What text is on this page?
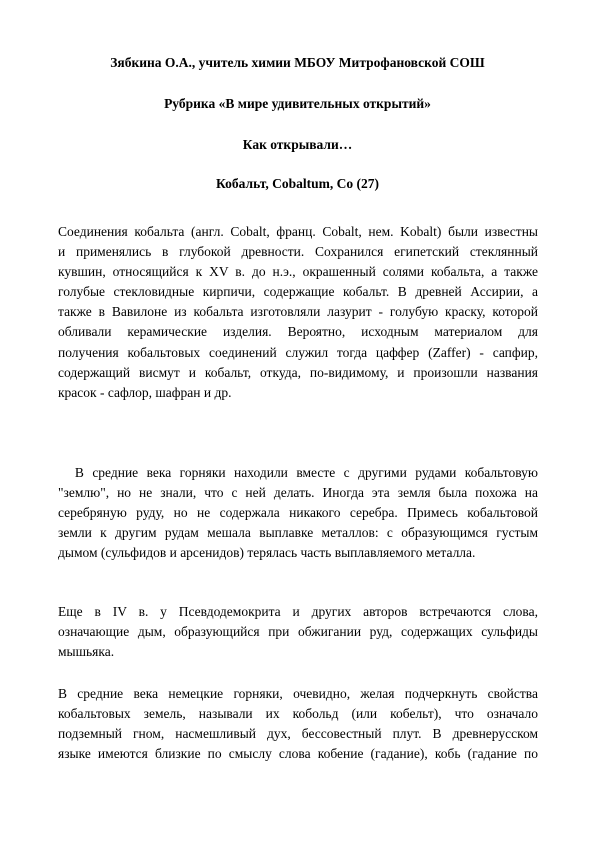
Зябкина О.А., учитель химии МБОУ Митрофановской СОШ
Рубрика «В мире удивительных открытий»
Как открывали…
Кобальт, Cobaltum, Co (27)
Соединения кобальта (англ. Cobalt, франц. Cobalt, нем. Kobalt) были известны
и применялись в глубокой древности. Сохранился египетский стеклянный
кувшин, относящийся к XV в. до н.э., окрашенный солями кобальта, а также
голубые стекловидные кирпичи, содержащие кобальт. В древней Ассирии, а
также в Вавилоне из кобальта изготовляли лазурит - голубую краску, которой
обливали керамические изделия. Вероятно, исходным материалом для
получения кобальтовых соединений служил тогда цаффер (Zaffer) - сапфир,
содержащий висмут и кобальт, откуда, по-видимому, и произошли названия
красок - сафлор, шафран и др.
В средние века горняки находили вместе с другими рудами кобальтовую
"землю", но не знали, что с ней делать. Иногда эта земля была похожа на
серебряную руду, но не содержала никакого серебра. Примесь кобальтовой
земли к другим рудам мешала выплавке металлов: с образующимся густым
дымом (сульфидов и арсенидов) терялась часть выплавляемого металла.
Еще в IV в. у Псевдодемокрита и других авторов встречаются слова,
означающие дым, образующийся при обжигании руд, содержащих сульфиды
мышьяка.
В средние века немецкие горняки, очевидно, желая подчеркнуть свойства
кобальтовых земель, называли их кобольд (или кобельт), что означало
подземный гном, насмешливый дух, бессовестный плут. В древнерусском
языке имеются близкие по смыслу слова кобение (гадание), кобь (гадание по
